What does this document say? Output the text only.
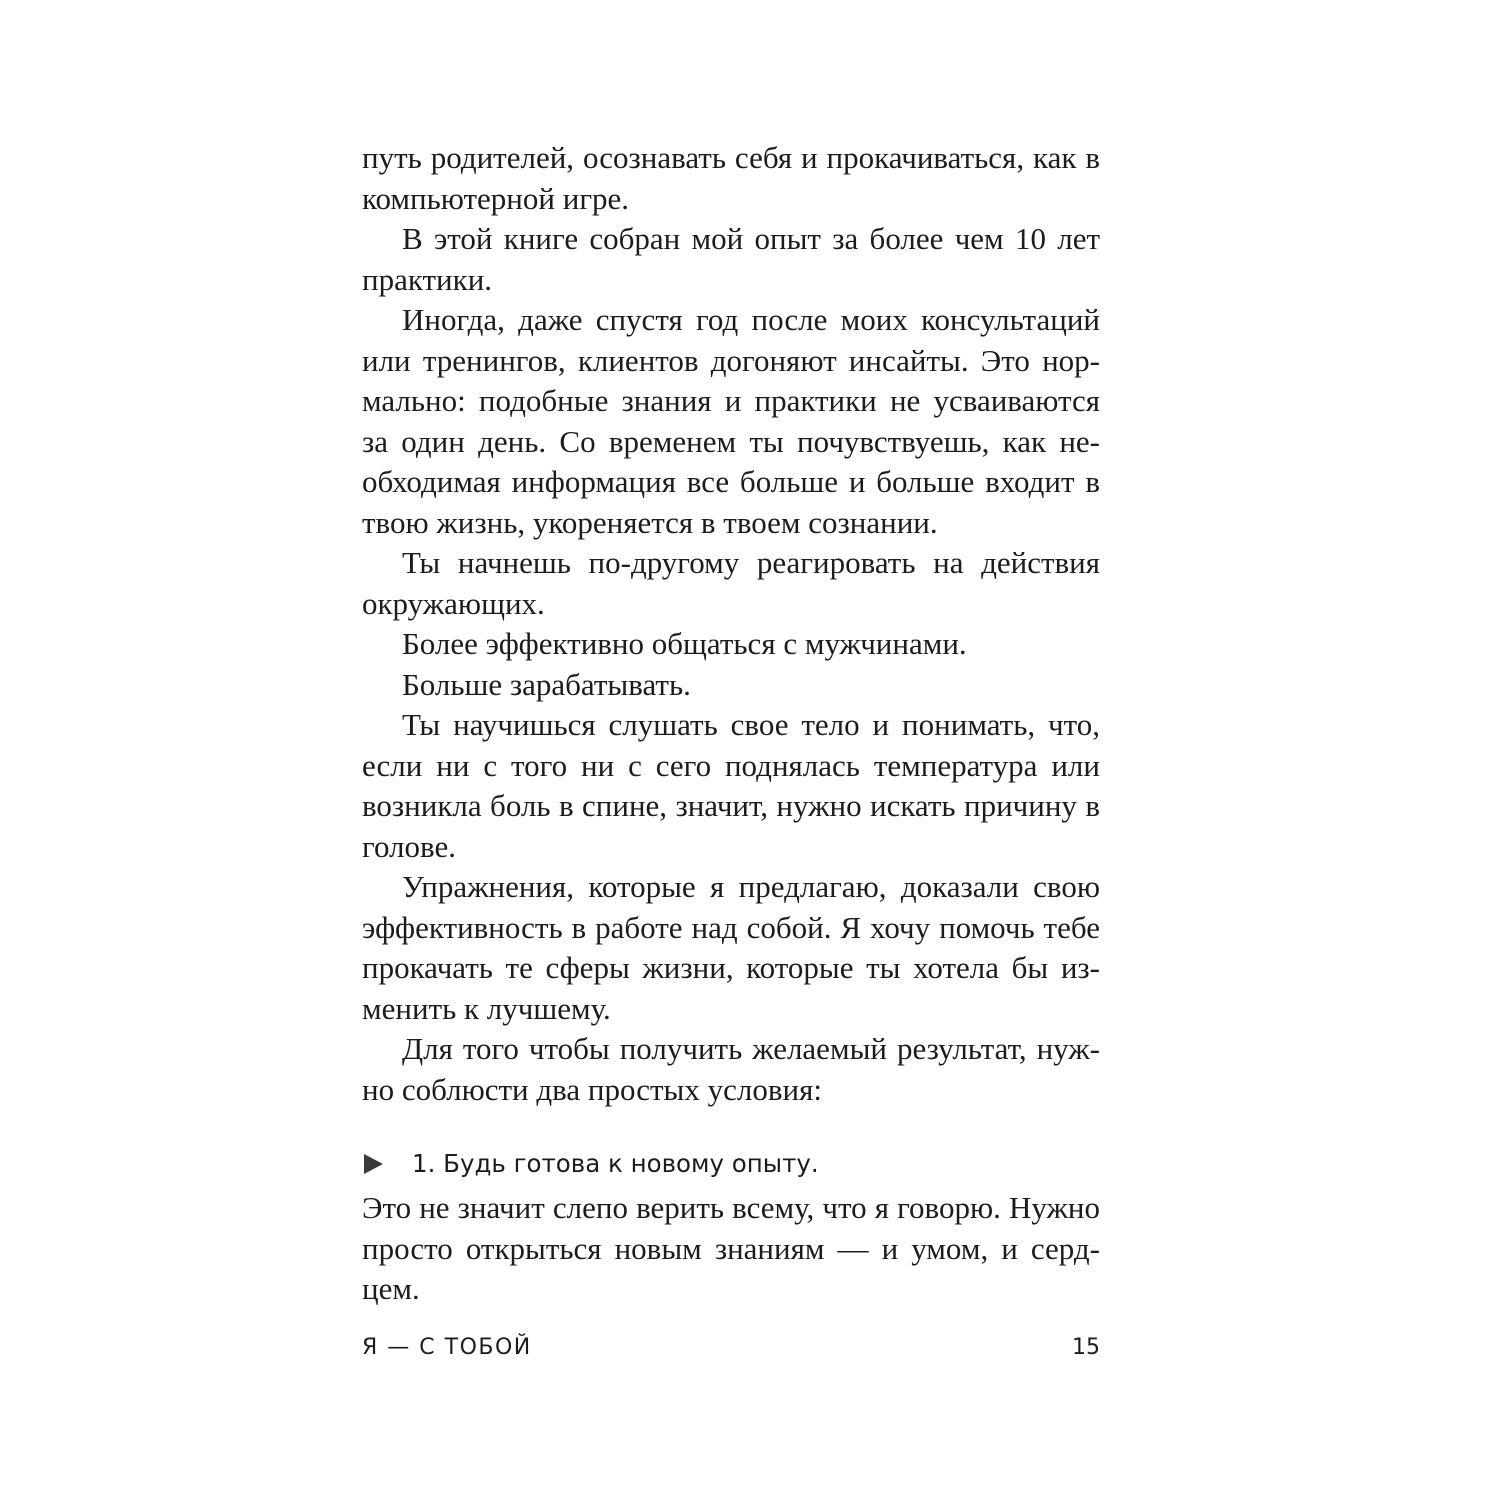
путь родителей, осознавать себя и прокачиваться, как в компьютерной игре.

В этой книге собран мой опыт за более чем 10 лет практики.

Иногда, даже спустя год после моих консультаций или тренингов, клиентов догоняют инсайты. Это нормально: подобные знания и практики не усваиваются за один день. Со временем ты почувствуешь, как необходимая информация все больше и больше входит в твою жизнь, укореняется в твоем сознании.

Ты начнешь по-другому реагировать на действия окружающих.

Более эффективно общаться с мужчинами.

Больше зарабатывать.

Ты научишься слушать свое тело и понимать, что, если ни с того ни с сего поднялась температура или возникла боль в спине, значит, нужно искать причину в голове.

Упражнения, которые я предлагаю, доказали свою эффективность в работе над собой. Я хочу помочь тебе прокачать те сферы жизни, которые ты хотела бы изменить к лучшему.

Для того чтобы получить желаемый результат, нужно соблюсти два простых условия:

1. Будь готова к новому опыту.

Это не значит слепо верить всему, что я говорю. Нужно просто открыться новым знаниям — и умом, и сердцем.

Я — С ТОБОЙ	15
